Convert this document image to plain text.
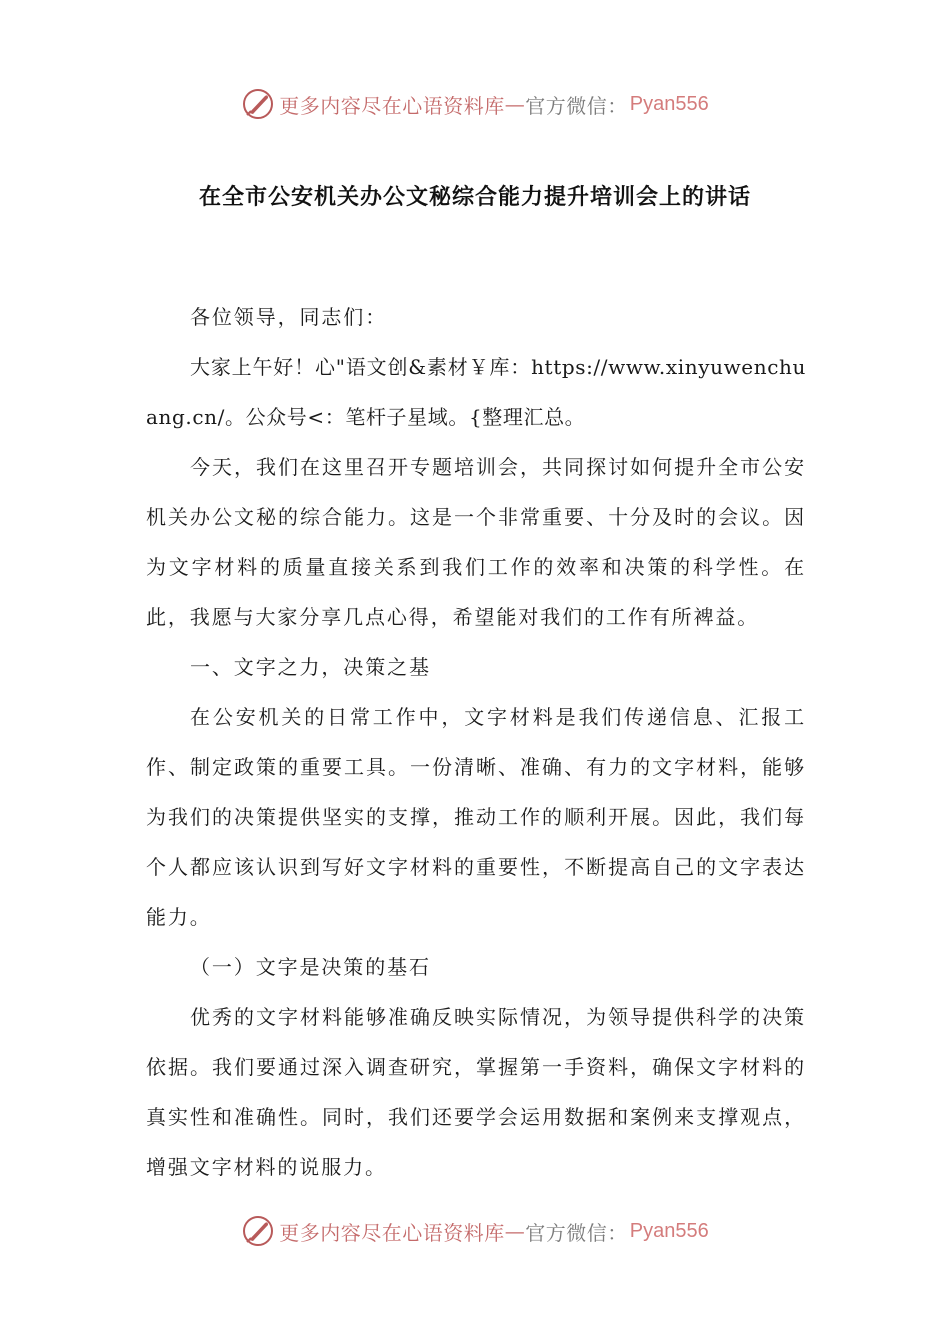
更多内容尽在心语资料库 — 官方微信： Pyan556
在全市公安机关办公文秘综合能力提升培训会上的讲话

各位领导，同志们：

大家上午好！心"语文创&素材￥库：https://www.xinyuwenchuang.cn/。公众号<：笔杆子星域。{整理汇总。

今天，我们在这里召开专题培训会，共同探讨如何提升全市公安机关办公文秘的综合能力。这是一个非常重要、十分及时的会议。因为文字材料的质量直接关系到我们工作的效率和决策的科学性。在此，我愿与大家分享几点心得，希望能对我们的工作有所裨益。

一、文字之力，决策之基

在公安机关的日常工作中，文字材料是我们传递信息、汇报工作、制定政策的重要工具。一份清晰、准确、有力的文字材料，能够为我们的决策提供坚实的支撑，推动工作的顺利开展。因此，我们每个人都应该认识到写好文字材料的重要性，不断提高自己的文字表达能力。

（一）文字是决策的基石

优秀的文字材料能够准确反映实际情况，为领导提供科学的决策依据。我们要通过深入调查研究，掌握第一手资料，确保文字材料的真实性和准确性。同时，我们还要学会运用数据和案例来支撑观点，增强文字材料的说服力。

更多内容尽在心语资料库 — 官方微信： Pyan556
